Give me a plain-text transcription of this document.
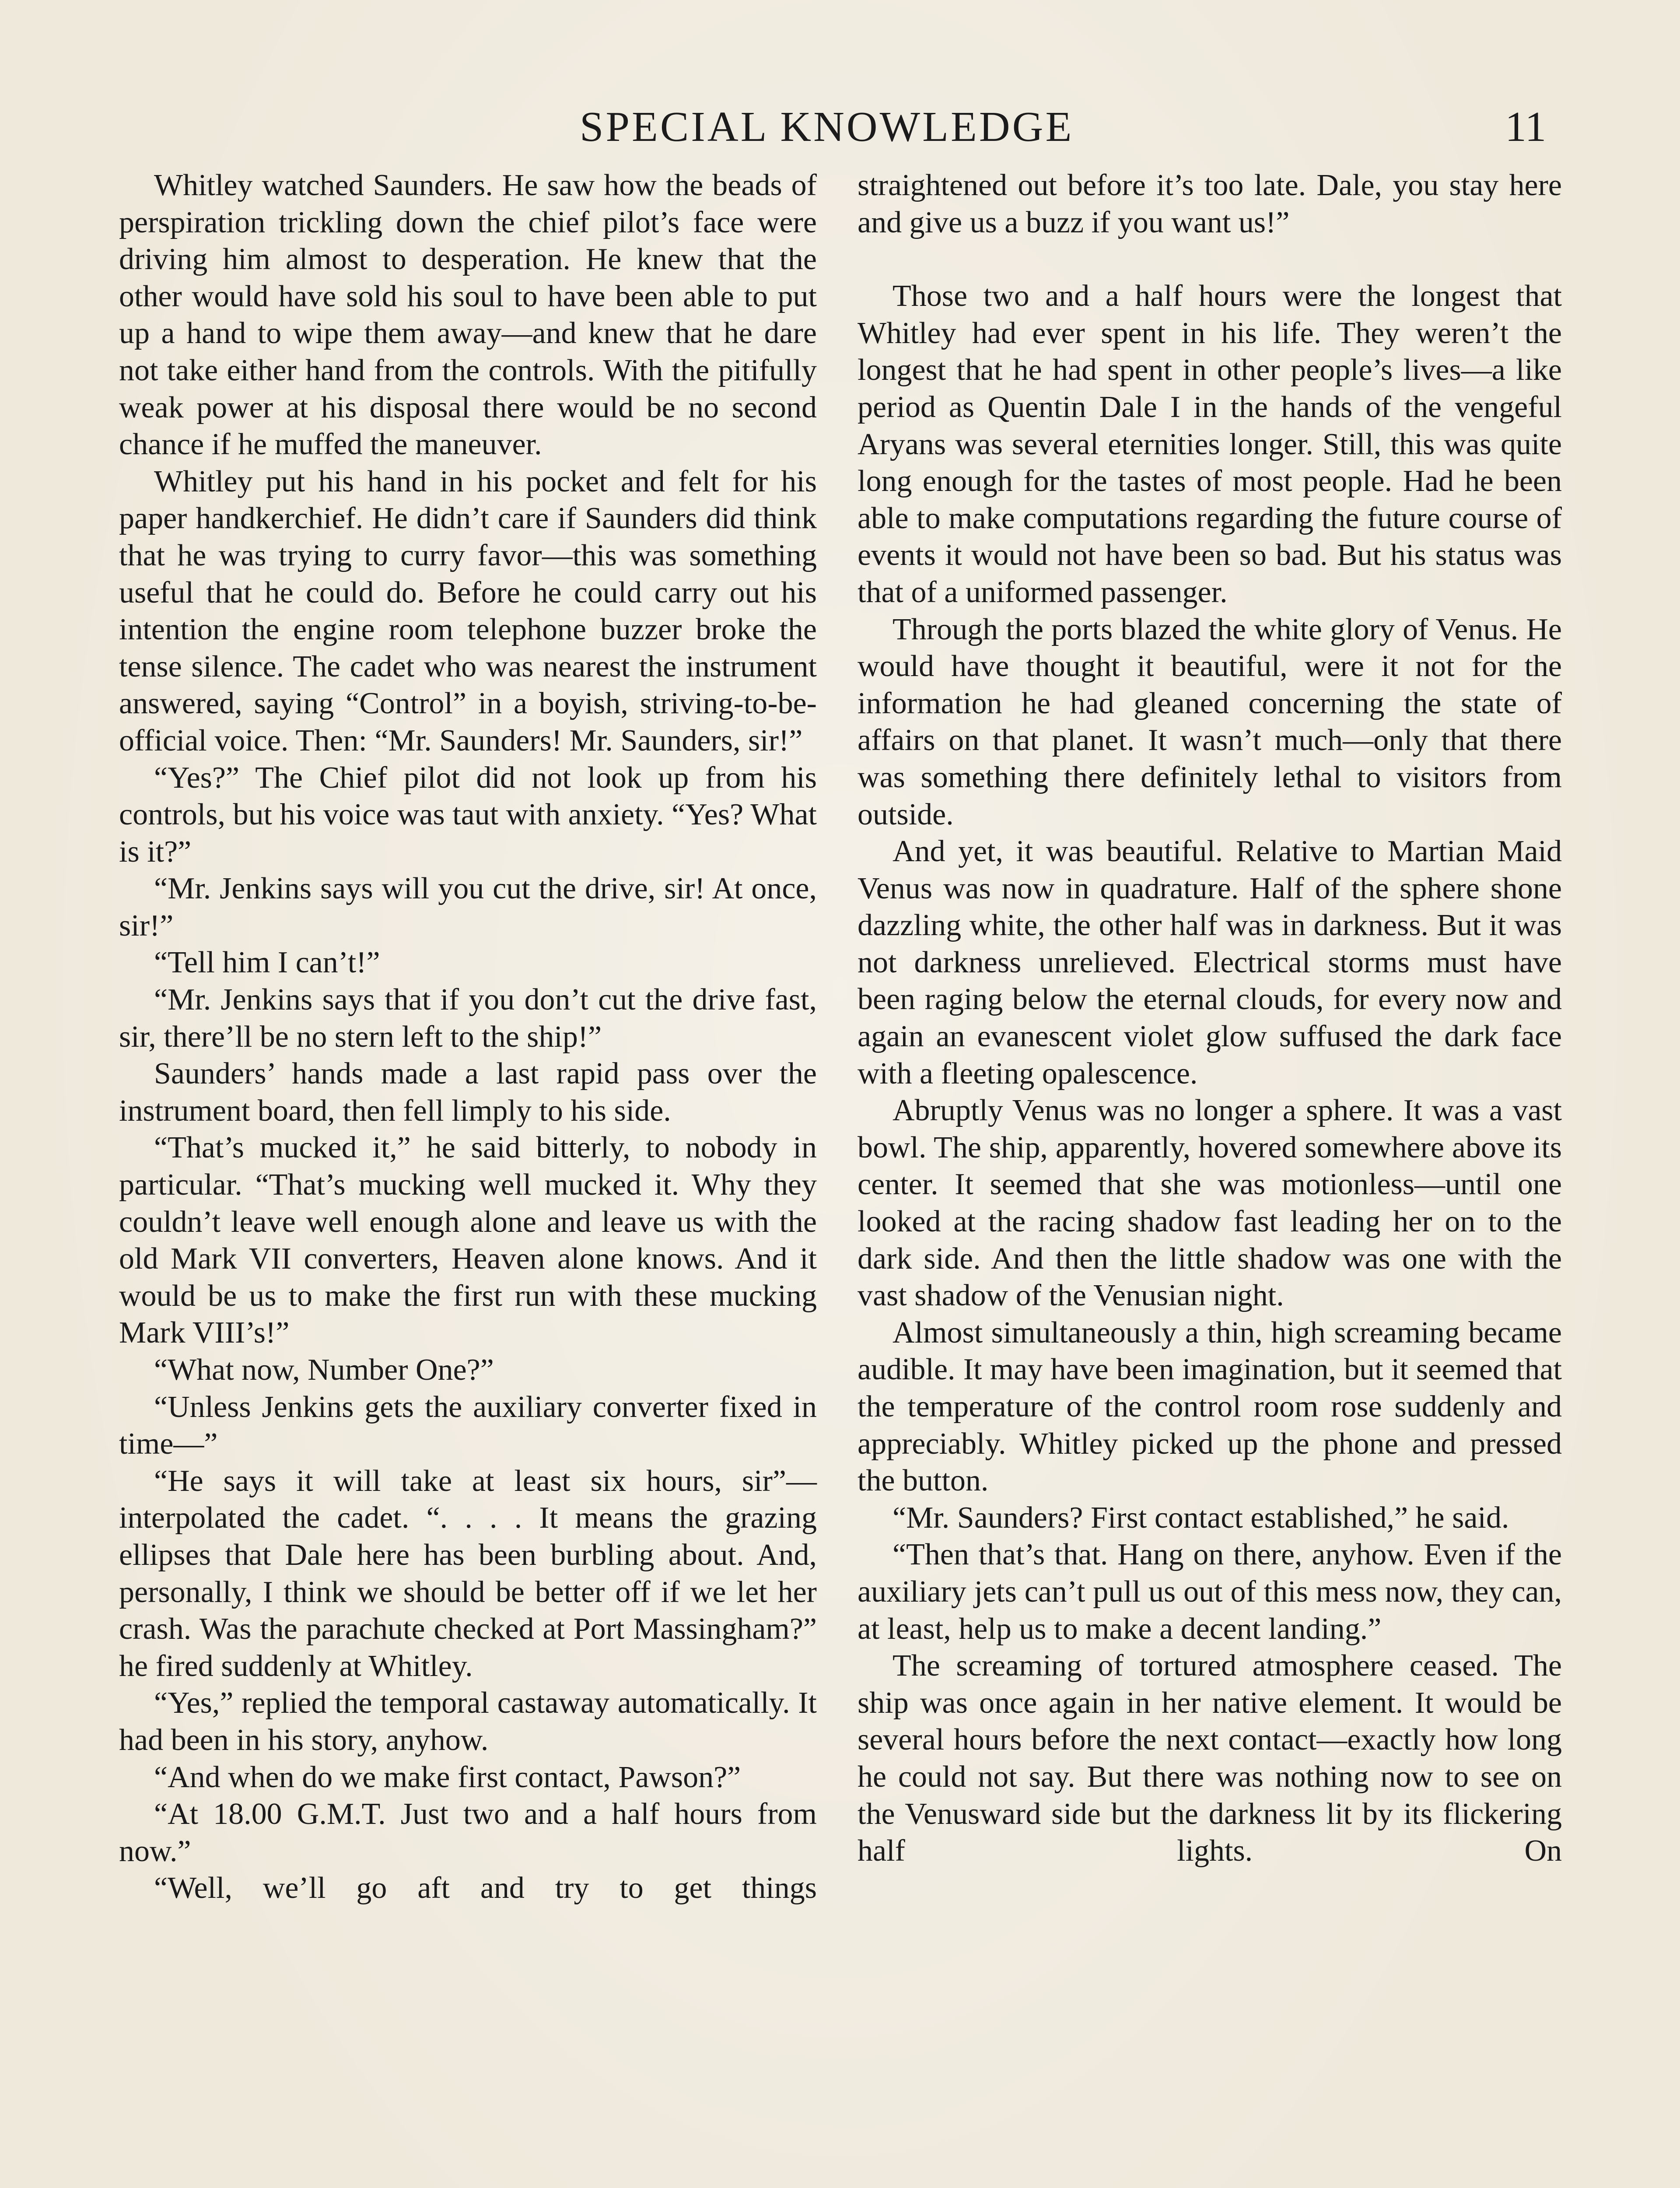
SPECIAL KNOWLEDGE	11

Whitley watched Saunders. He saw how the beads of perspiration trickling down the chief pilot’s face were driving him almost to desperation. He knew that the other would have sold his soul to have been able to put up a hand to wipe them away—and knew that he dare not take either hand from the controls. With the pitifully weak power at his disposal there would be no second chance if he muffed the maneuver.

Whitley put his hand in his pocket and felt for his paper handkerchief. He didn’t care if Saunders did think that he was trying to curry favor—this was something useful that he could do. Before he could carry out his intention the engine room telephone buzzer broke the tense silence. The cadet who was nearest the instrument answered, saying “Control” in a boyish, striving-to-be-official voice. Then: “Mr. Saunders! Mr. Saunders, sir!”

“Yes?” The Chief pilot did not look up from his controls, but his voice was taut with anxiety. “Yes? What is it?”

“Mr. Jenkins says will you cut the drive, sir! At once, sir!”

“Tell him I can’t!”

“Mr. Jenkins says that if you don’t cut the drive fast, sir, there’ll be no stern left to the ship!”

Saunders’ hands made a last rapid pass over the instrument board, then fell limply to his side.

“That’s mucked it,” he said bitterly, to nobody in particular. “That’s mucking well mucked it. Why they couldn’t leave well enough alone and leave us with the old Mark VII converters, Heaven alone knows. And it would be us to make the first run with these mucking Mark VIII’s!”

“What now, Number One?”

“Unless Jenkins gets the auxiliary converter fixed in time—”

“He says it will take at least six hours, sir”—interpolated the cadet. “. . . . It means the grazing ellipses that Dale here has been burbling about. And, personally, I think we should be better off if we let her crash. Was the parachute checked at Port Massingham?” he fired suddenly at Whitley.

“Yes,” replied the temporal castaway automatically. It had been in his story, anyhow.

“And when do we make first contact, Pawson?”

“At 18.00 G.M.T. Just two and a half hours from now.”

“Well, we’ll go aft and try to get things

straightened out before it’s too late. Dale, you stay here and give us a buzz if you want us!”

Those two and a half hours were the longest that Whitley had ever spent in his life. They weren’t the longest that he had spent in other people’s lives—a like period as Quentin Dale I in the hands of the vengeful Aryans was several eternities longer. Still, this was quite long enough for the tastes of most people. Had he been able to make computations regarding the future course of events it would not have been so bad. But his status was that of a uniformed passenger.

Through the ports blazed the white glory of Venus. He would have thought it beautiful, were it not for the information he had gleaned concerning the state of affairs on that planet. It wasn’t much—only that there was something there definitely lethal to visitors from outside.

And yet, it was beautiful. Relative to Martian Maid Venus was now in quadrature. Half of the sphere shone dazzling white, the other half was in darkness. But it was not darkness unrelieved. Electrical storms must have been raging below the eternal clouds, for every now and again an evanescent violet glow suffused the dark face with a fleeting opalescence.

Abruptly Venus was no longer a sphere. It was a vast bowl. The ship, apparently, hovered somewhere above its center. It seemed that she was motionless—until one looked at the racing shadow fast leading her on to the dark side. And then the little shadow was one with the vast shadow of the Venusian night.

Almost simultaneously a thin, high screaming became audible. It may have been imagination, but it seemed that the temperature of the control room rose suddenly and appreciably. Whitley picked up the phone and pressed the button.

“Mr. Saunders? First contact established,” he said.

“Then that’s that. Hang on there, anyhow. Even if the auxiliary jets can’t pull us out of this mess now, they can, at least, help us to make a decent landing.”

The screaming of tortured atmosphere ceased. The ship was once again in her native element. It would be several hours before the next contact—exactly how long he could not say. But there was nothing now to see on the Venusward side but the darkness lit by its flickering half lights. On
